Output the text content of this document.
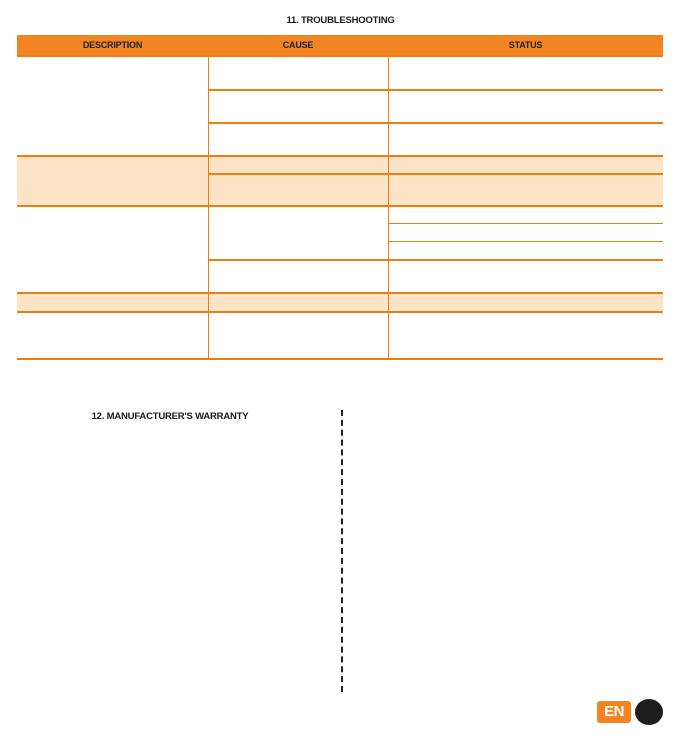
11. TROUBLESHOOTING
DESCRIPTION	CAUSE	STATUS

12. MANUFACTURER'S WARRANTY
EN
